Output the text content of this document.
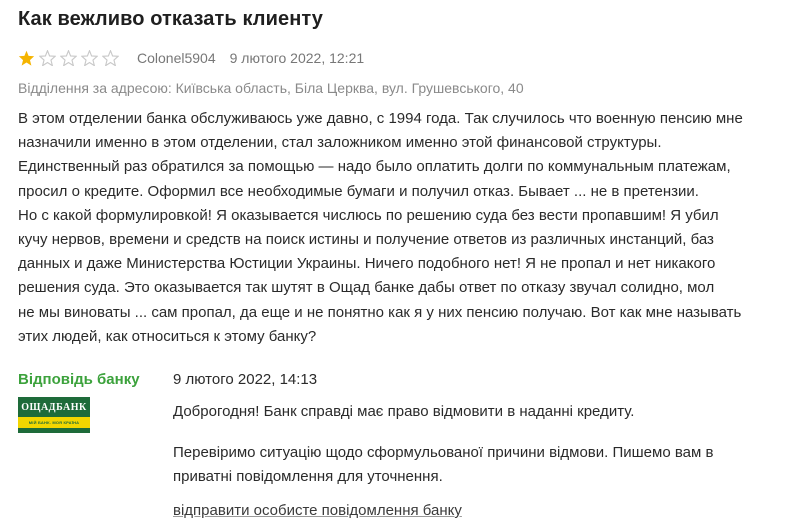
Как вежливо отказать клиенту
Colonel5904 9 лютого 2022, 12:21
Відділення за адресою: Київська область, Біла Церква, вул. Грушевського, 40

В этом отделении банка обслуживаюсь уже давно, с 1994 года. Так случилось что военную пенсию мне

назначили именно в этом отделении, стал заложником именно этой финансовой структуры.

Единственный раз обратился за помощью — надо было оплатить долги по коммунальным платежам,

просил о кредите. Оформил все необходимые бумаги и получил отказ. Бывает ... не в претензии.

Но с какой формулировкой! Я оказывается числюсь по решению суда без вести пропавшим! Я убил

кучу нервов, времени и средств на поиск истины и получение ответов из различных инстанций, баз

данных и даже Министерства Юстиции Украины. Ничего подобного нет! Я не пропал и нет никакого

решения суда. Это оказывается так шутят в Ощад банке дабы ответ по отказу звучал солидно, мол

не мы виноваты ... сам пропал, да еще и не понятно как я у них пенсию получаю. Вот как мне называть

этих людей, как относиться к этому банку?

Відповідь банку
ОЩАДБАНК
МІЙ БАНК. МОЯ КРАЇНА
9 лютого 2022, 14:13

Доброгодня! Банк справді має право відмовити в наданні кредиту.

Перевіримо ситуацію щодо сформульованої причини відмови. Пишемо вам в приватні повідомлення для уточнення.

відправити особисте повідомлення банку
